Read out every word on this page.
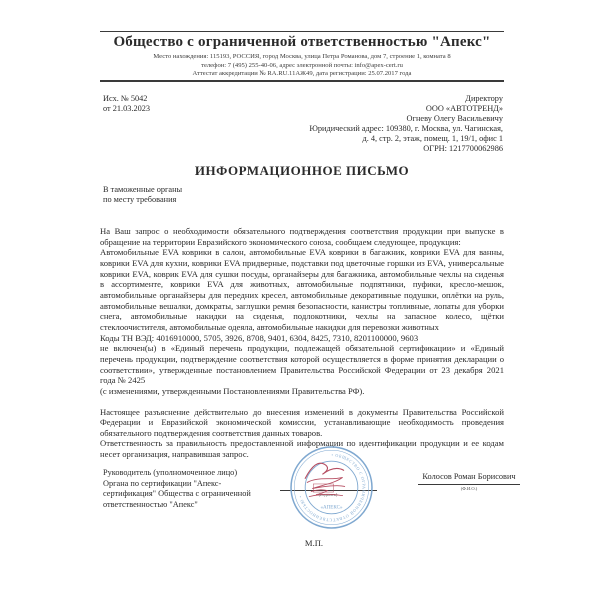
Общество с ограниченной ответственностью "Апекс"
Место нахождения: 115193, РОССИЯ, город Москва, улица Петра Романова, дом 7, строение 1, комната 8
телефон: 7 (495) 255-40-06, адрес электронной почты: info@apex-cert.ru
Аттестат аккредитации № RA.RU.11АЖ49, дата регистрации: 25.07.2017 года
Исх. № 5042
от 21.03.2023
Директору
ООО «АВТОТРЕНД»
Огневу Олегу Васильевичу
Юридический адрес: 109380, г. Москва, ул. Чагинская,
д. 4, стр. 2, этаж, помещ. 1, 19/1, офис 1
ОГРН: 1217700062986
ИНФОРМАЦИОННОЕ ПИСЬМО
В таможенные органы
по месту требования

На Ваш запрос о необходимости обязательного подтверждения соответствия продукции при выпуске в обращение на территории Евразийского экономического союза, сообщаем следующее, продукция:

Автомобильные EVA коврики в салон, автомобильные EVA коврики в багажник, коврики EVA для ванны, коврики EVA для кухни, коврики EVA придверные, подставки под цветочные горшки из EVA, универсальные коврики EVA, коврик EVA для сушки посуды, органайзеры для багажника, автомобильные чехлы на сиденья в ассортименте, коврики EVA для животных, автомобильные подпятники, пуфики, кресло-мешок, автомобильные органайзеры для передних кресел, автомобильные декоративные подушки, оплётки на руль, автомобильные вешалки, домкраты, заглушки ремня безопасности, канистры топливные, лопаты для уборки снега, автомобильные накидки на сиденья, подлокотники, чехлы на запасное колесо, щётки стеклоочистителя, автомобильные одеяла, автомобильные накидки для перевозки животных

Коды ТН ВЭД: 4016910000, 5705, 3926, 8708, 9401, 6304, 8425, 7310, 8201100000, 9603

не включен(ы) в «Единый перечень продукции, подлежащей обязательной сертификации» и «Единый перечень продукции, подтверждение соответствия которой осуществляется в форме принятия декларации о соответствии», утвержденные постановлением Правительства Российской Федерации от 23 декабря 2021 года № 2425

(с изменениями, утвержденными Постановлениями Правительства РФ).

Настоящее разъяснение действительно до внесения изменений в документы Правительства Российской Федерации и Евразийской экономической комиссии, устанавливающие необходимость проведения обязательного подтверждения соответствия данных товаров.

Ответственность за правильность предоставленной информации по идентификации продукции и ее кодам несет организация, направившая запрос.

Руководитель (уполномоченное лицо)
Органа по сертификации "Апекс-
сертификация" Общества с ограниченной
ответственностью "Апекс"
(подпись)
• ОБЩЕСТВО С ОГРАНИЧЕННОЙ ОТВЕТСТВЕННОСТЬЮ •
«АПЕКС»
Колосов Роман Борисович
(Ф.И.О.)
М.П.
